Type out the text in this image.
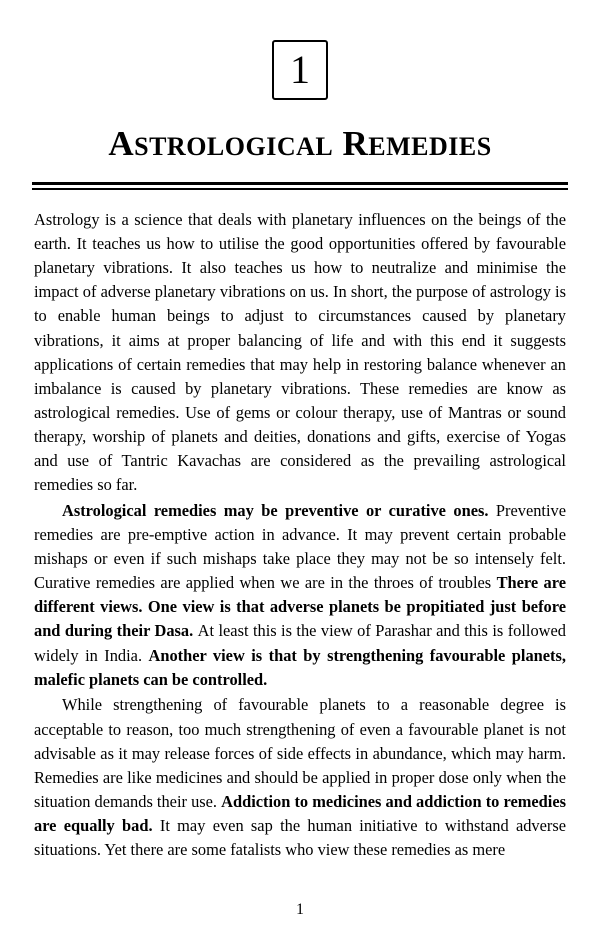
1
ASTROLOGICAL REMEDIES

Astrology is a science that deals with planetary influences on the beings of the earth. It teaches us how to utilise the good opportunities offered by favourable planetary vibrations. It also teaches us how to neutralize and minimise the impact of adverse planetary vibrations on us. In short, the purpose of astrology is to enable human beings to adjust to circumstances caused by planetary vibrations, it aims at proper balancing of life and with this end it suggests applications of certain remedies that may help in restoring balance whenever an imbalance is caused by planetary vibrations. These remedies are know as astrological remedies. Use of gems or colour therapy, use of Mantras or sound therapy, worship of planets and deities, donations and gifts, exercise of Yogas and use of Tantric Kavachas are considered as the prevailing astrological remedies so far.

Astrological remedies may be preventive or curative ones. Preventive remedies are pre-emptive action in advance. It may prevent certain probable mishaps or even if such mishaps take place they may not be so intensely felt. Curative remedies are applied when we are in the throes of troubles There are different views. One view is that adverse planets be propitiated just before and during their Dasa. At least this is the view of Parashar and this is followed widely in India. Another view is that by strengthening favourable planets, malefic planets can be controlled.

While strengthening of favourable planets to a reasonable degree is acceptable to reason, too much strengthening of even a favourable planet is not advisable as it may release forces of side effects in abundance, which may harm. Remedies are like medicines and should be applied in proper dose only when the situation demands their use. Addiction to medicines and addiction to remedies are equally bad. It may even sap the human initiative to withstand adverse situations. Yet there are some fatalists who view these remedies as mere

1
